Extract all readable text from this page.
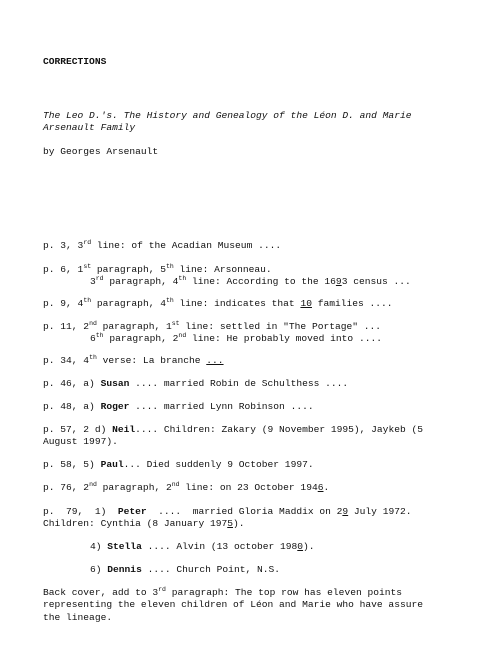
CORRECTIONS
The Leo D.'s. The History and Genealogy of the Léon D. and Marie
Arsenault Family
by Georges Arsenault
p. 3, 3rd line: of the Acadian Museum ....
p. 6, 1st paragraph, 5th line: Arsonneau.
3rd paragraph, 4th line: According to the 1693 census ...
p. 9, 4th paragraph, 4th line: indicates that 10 families ....
p. 11, 2nd paragraph, 1st line: settled in "The Portage" ...
6th paragraph, 2nd line: He probably moved into ....
p. 34, 4th verse: La branche ...
p. 46, a) Susan .... married Robin de Schulthess ....
p. 48, a) Roger .... married Lynn Robinson ....
p. 57, 2 d) Neil.... Children: Zakary (9 November 1995), Jaykeb (5
August 1997).
p. 58, 5) Paul... Died suddenly 9 October 1997.
p. 76, 2nd paragraph, 2nd line: on 23 October 1946.
p.  79,  1)  Peter  ....  married Gloria Maddix on 29 July 1972.
Children: Cynthia (8 January 1975).
4) Stella .... Alvin (13 october 1980).
6) Dennis .... Church Point, N.S.
Back cover, add to 3rd paragraph: The top row has eleven points
representing the eleven children of Léon and Marie who have assure
the lineage.
